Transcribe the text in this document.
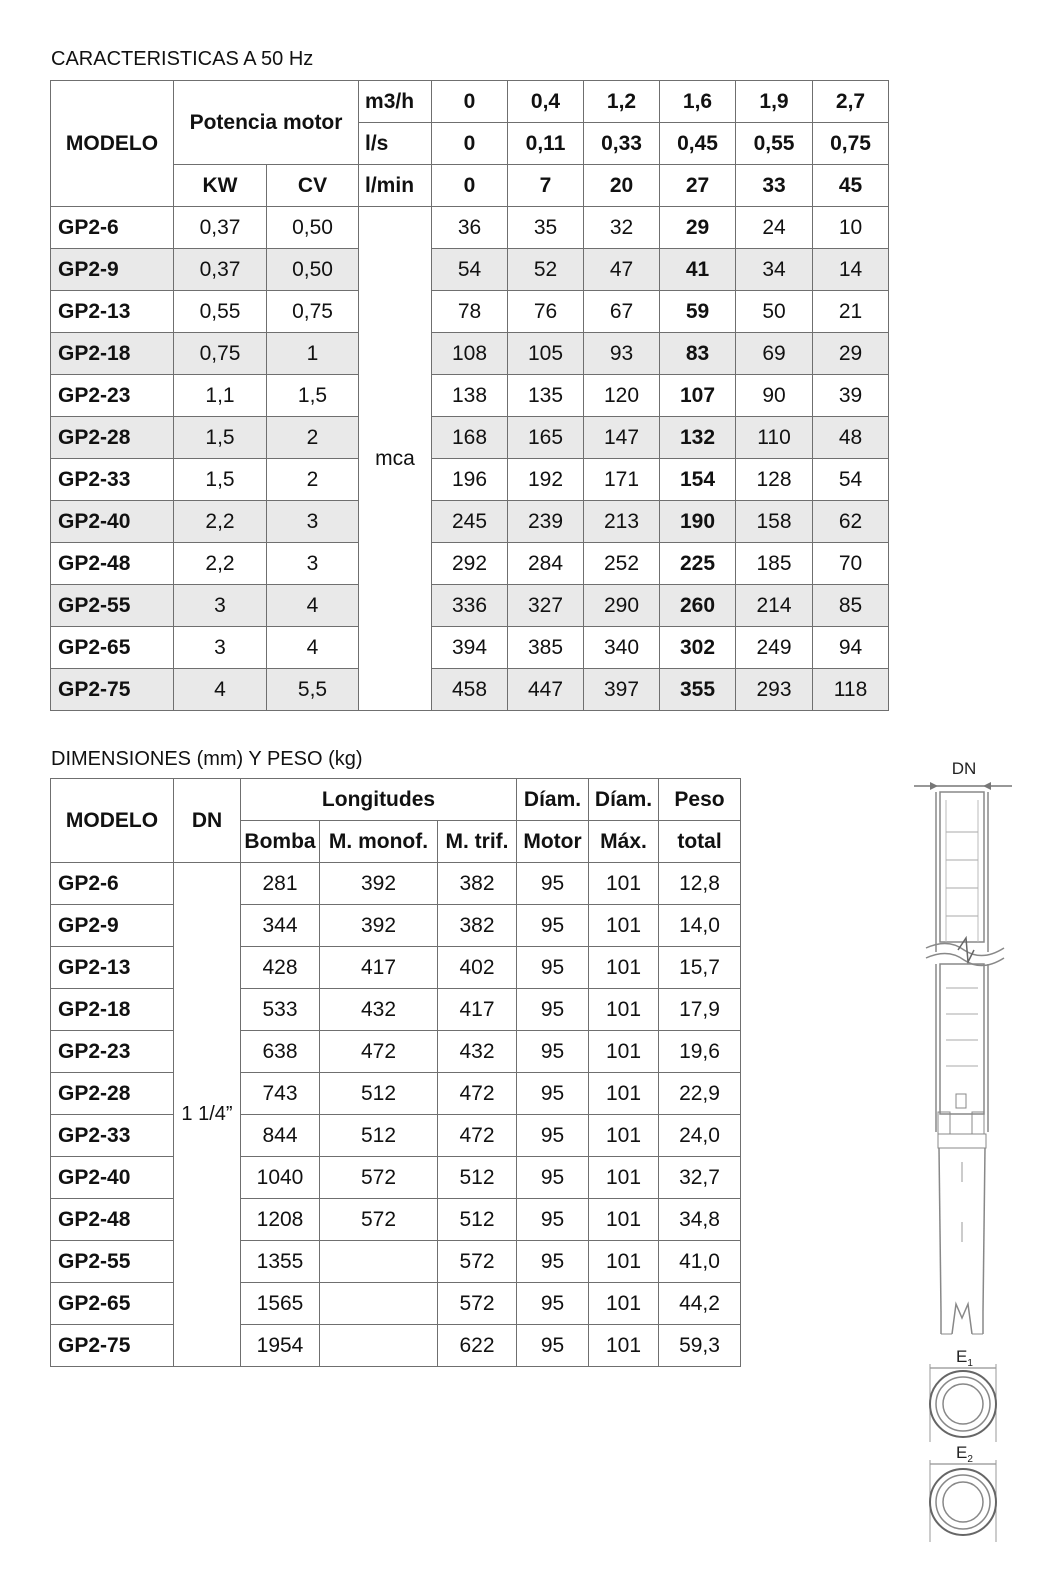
CARACTERISTICAS A 50 Hz
MODELO	Potencia motor		m3/h	0	0,4	1,2	1,6	1,9	2,7
			l/s	0	0,11	0,33	0,45	0,55	0,75
	KW	CV	l/min	0	7	20	27	33	45
GP2-6	0,37	0,50	mca	36	35	32	29	24	10
GP2-9	0,37	0,50		54	52	47	41	34	14
GP2-13	0,55	0,75		78	76	67	59	50	21
GP2-18	0,75	1		108	105	93	83	69	29
GP2-23	1,1	1,5		138	135	120	107	90	39
GP2-28	1,5	2		168	165	147	132	110	48
GP2-33	1,5	2		196	192	171	154	128	54
GP2-40	2,2	3		245	239	213	190	158	62
GP2-48	2,2	3		292	284	252	225	185	70
GP2-55	3	4		336	327	290	260	214	85
GP2-65	3	4		394	385	340	302	249	94
GP2-75	4	5,5		458	447	397	355	293	118
DIMENSIONES (mm) Y PESO (kg)
MODELO	DN	Longitudes			Díam.	Díam.	Peso
		Bomba	M. monof.	M. trif.	Motor	Máx.	total
GP2-6	1 1/4”	281	392	382	95	101	12,8
GP2-9		344	392	382	95	101	14,0
GP2-13		428	417	402	95	101	15,7
GP2-18		533	432	417	95	101	17,9
GP2-23		638	472	432	95	101	19,6
GP2-28		743	512	472	95	101	22,9
GP2-33		844	512	472	95	101	24,0
GP2-40		1040	572	512	95	101	32,7
GP2-48		1208	572	512	95	101	34,8
GP2-55		1355		572	95	101	41,0
GP2-65		1565		572	95	101	44,2
GP2-75		1954		622	95	101	59,3
DN
$E_1$
$E_2$
